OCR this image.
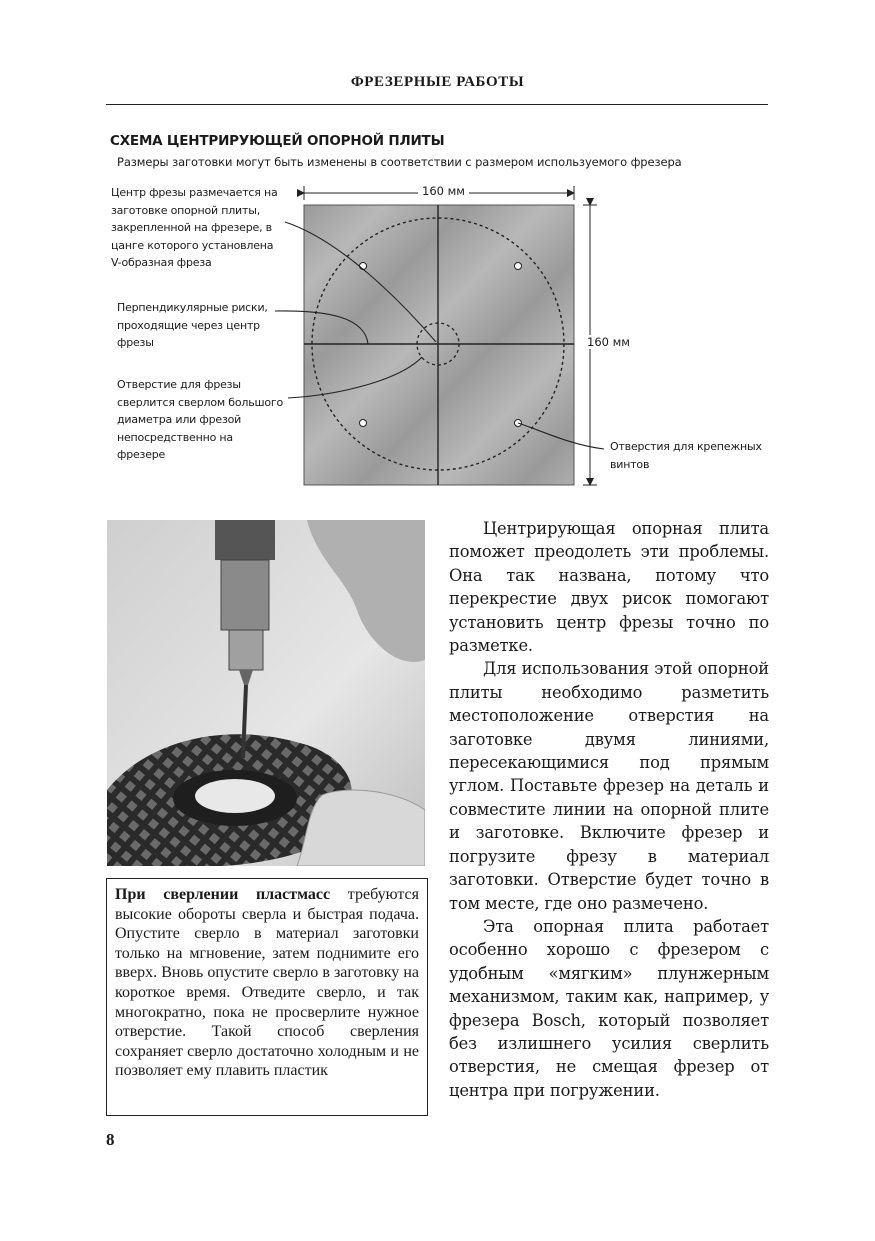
ФРЕЗЕРНЫЕ РАБОТЫ
СХЕМА ЦЕНТРИРУЮЩЕЙ ОПОРНОЙ ПЛИТЫ
Размеры заготовки могут быть изменены в соответствии с размером используемого фрезера
Центр фрезы размечается на
заготовке опорной плиты,
закрепленной на фрезере, в
цанге которого установлена
V-образная фреза
Перпендикулярные риски,
проходящие через центр
фрезы
Отверстие для фрезы
сверлится сверлом большого
диаметра или фрезой
непосредственно на
фрезере
Отверстия для крепежных
винтов
160 мм
160 мм
При сверлении пластмасс требуются высокие обороты сверла и быстрая подача. Опустите сверло в материал заготовки только на мгновение, затем поднимите его вверх. Вновь опустите сверло в заготовку на короткое время. Отведите сверло, и так многократно, пока не просверлите нужное отверстие. Такой способ сверления сохраняет сверло достаточно холодным и не позволяет ему плавить пластик

Центрирующая опорная плита поможет преодолеть эти проблемы. Она так названа, потому что перекрестие двух рисок помогают установить центр фрезы точно по разметке.

Для использования этой опорной плиты необходимо разметить местоположение отверстия на заготовке двумя линиями, пересекающимися под прямым углом. Поставьте фрезер на деталь и совместите линии на опорной плите и заготовке. Включите фрезер и погрузите фрезу в материал заготовки. Отверстие будет точно в том месте, где оно размечено.

Эта опорная плита работает особенно хорошо с фрезером с удобным «мягким» плунжерным механизмом, таким как, например, у фрезера Bosch, который позволяет без излишнего усилия сверлить отверстия, не смещая фрезер от центра при погружении.

8
